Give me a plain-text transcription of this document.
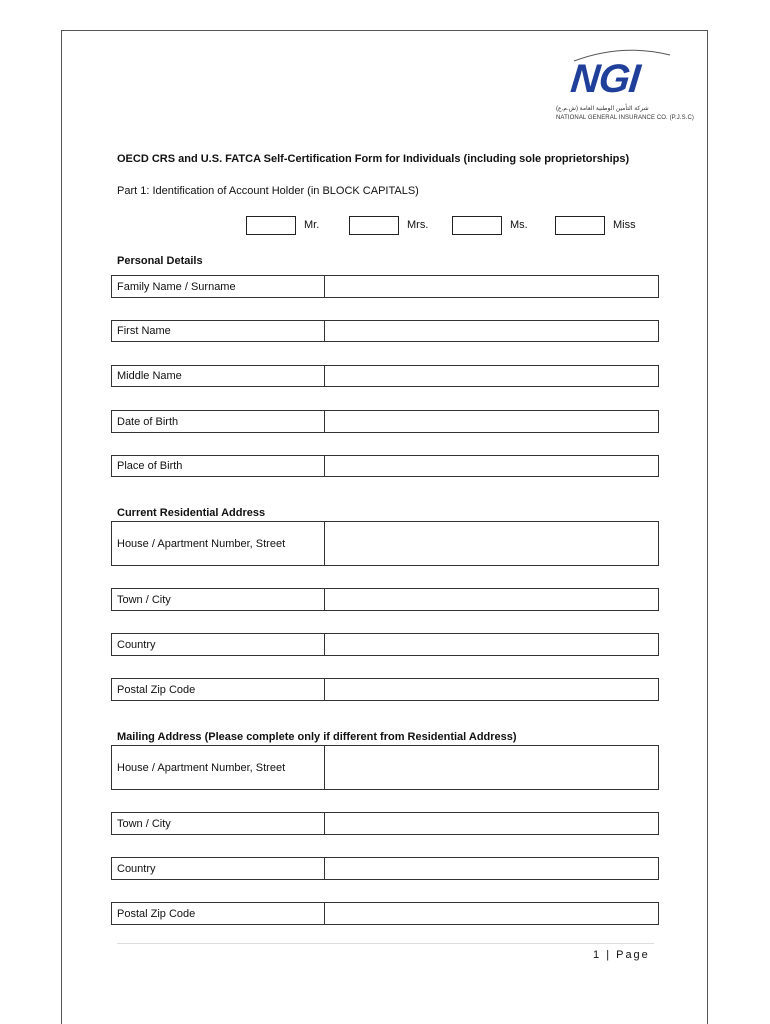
NGI
ﺷﺮﻛﺔ ﺍﻟﺘﺄﻣﻴﻦ ﺍﻟﻮﻃﻨﻴﺔ ﺍﻟﻌﺎﻣﺔ (ﺵ.ﻡ.ﻉ)
NATIONAL GENERAL INSURANCE CO. (P.J.S.C)
OECD CRS and U.S. FATCA Self-Certification Form for Individuals (including sole proprietorships)
Part 1: Identification of Account Holder (in BLOCK CAPITALS)
Mr.	Mrs.	Ms.	Miss
Personal Details
Family Name / Surname
First Name
Middle Name
Date of Birth
Place of Birth
Current Residential Address
House / Apartment Number, Street
Town / City
Country
Postal Zip Code
Mailing Address (Please complete only if different from Residential Address)
House / Apartment Number, Street
Town / City
Country
Postal Zip Code
1 | Page
